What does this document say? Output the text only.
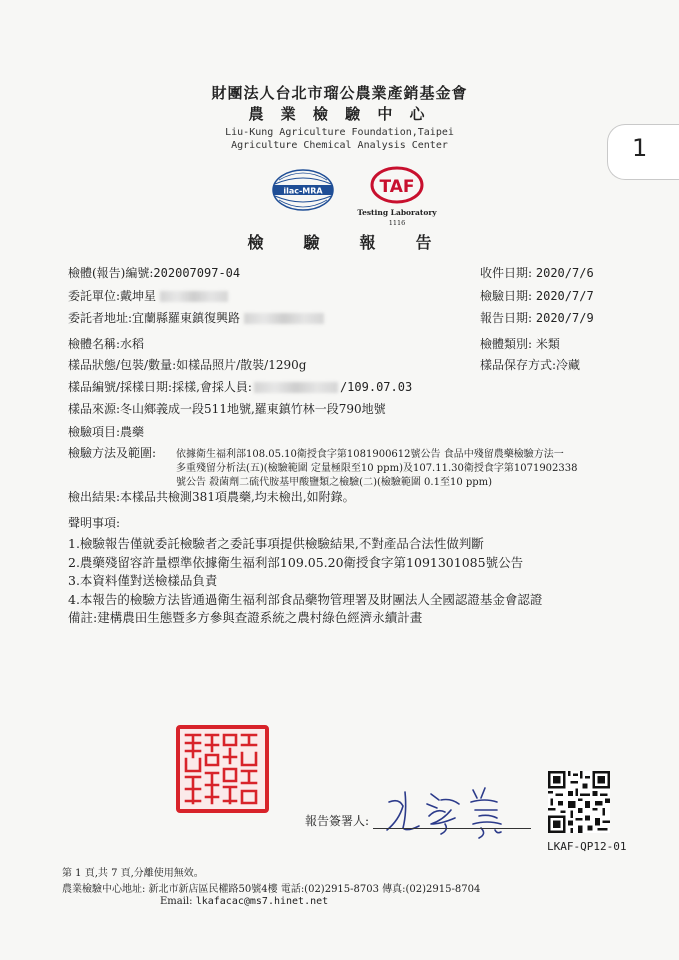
1
財團法人台北市瑠公農業產銷基金會
農 業 檢 驗 中 心
Liu-Kung Agriculture Foundation,Taipei
Agriculture Chemical Analysis Center
ilac-MRA	TAF
Testing Laboratory
1116
檢驗報告
檢體(報告)編號:202007097-04	收件日期: 2020/7/6
委託單位:戴坤星	檢驗日期: 2020/7/7
委託者地址:宜蘭縣羅東鎮復興路	報告日期: 2020/7/9
檢體名稱:水稻	檢體類別: 米類
樣品狀態/包裝/數量:如樣品照片/散裝/1290g	樣品保存方式:冷藏
樣品編號/採樣日期:採樣,會採人員:	/109.07.03
樣品來源:冬山鄉義成一段511地號,羅東鎮竹林一段790地號
檢驗項目:農藥
檢驗方法及範圍: 依據衛生福利部108.05.10衛授食字第1081900612號公告 食品中殘留農藥檢驗方法一
多重殘留分析法(五)(檢驗範圍 定量極限至10 ppm)及107.11.30衛授食字第1071902338
號公告 殺菌劑二硫代胺基甲酸鹽類之檢驗(二)(檢驗範圍 0.1至10 ppm)
檢出結果:本樣品共檢測381項農藥,均未檢出,如附錄。
聲明事項:
1.檢驗報告僅就委託檢驗者之委託事項提供檢驗結果,不對產品合法性做判斷
2.農藥殘留容許量標準依據衛生福利部109.05.20衛授食字第1091301085號公告
3.本資料僅對送檢樣品負責
4.本報告的檢驗方法皆通過衛生福利部食品藥物管理署及財團法人全國認證基金會認證
備註:建構農田生態暨多方參與查證系統之農村綠色經濟永續計畫
報告簽署人:
LKAF-QP12-01
第 1 頁,共 7 頁,分離使用無效。
農業檢驗中心地址: 新北市新店區民權路50號4樓 電話:(02)2915-8703 傳真:(02)2915-8704
Email: lkafacac@ms7.hinet.net
